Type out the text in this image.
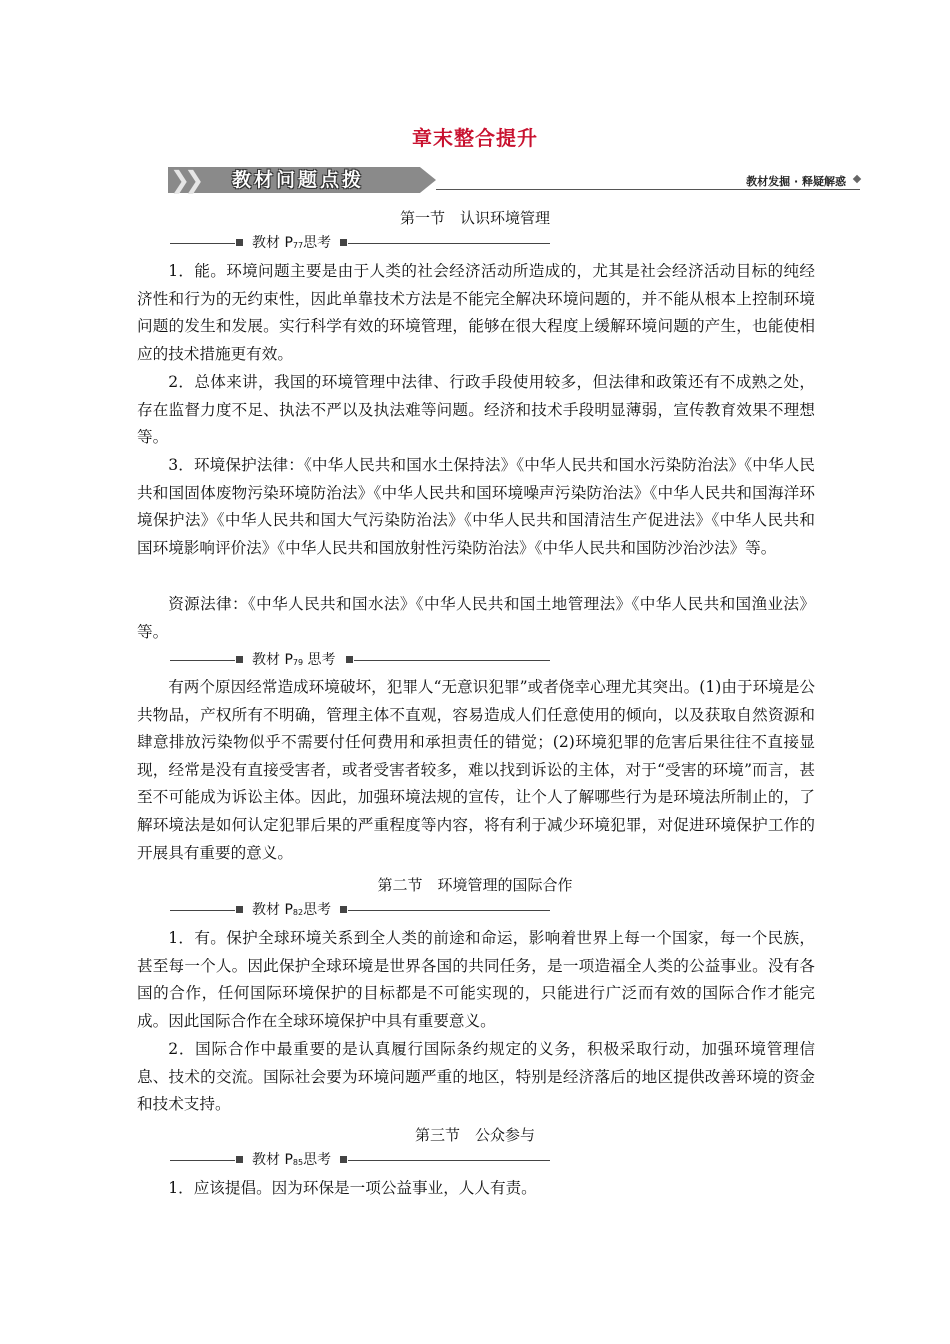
章末整合提升
❯❯ 教材问题点拨	教材发掘 · 释疑解惑
第一节　认识环境管理
教材 $P_{77}$思考

1．能。环境问题主要是由于人类的社会经济活动所造成的，尤其是社会经济活动目标的纯经济性和行为的无约束性，因此单靠技术方法是不能完全解决环境问题的，并不能从根本上控制环境问题的发生和发展。实行科学有效的环境管理，能够在很大程度上缓解环境问题的产生，也能使相应的技术措施更有效。

2．总体来讲，我国的环境管理中法律、行政手段使用较多，但法律和政策还有不成熟之处，存在监督力度不足、执法不严以及执法难等问题。经济和技术手段明显薄弱，宣传教育效果不理想等。

3．环境保护法律：《中华人民共和国水土保持法》《中华人民共和国水污染防治法》《中华人民共和国固体废物污染环境防治法》《中华人民共和国环境噪声污染防治法》《中华人民共和国海洋环境保护法》《中华人民共和国大气污染防治法》《中华人民共和国清洁生产促进法》《中华人民共和国环境影响评价法》《中华人民共和国放射性污染防治法》《中华人民共和国防沙治沙法》等。

资源法律：《中华人民共和国水法》《中华人民共和国土地管理法》《中华人民共和国渔业法》等。

教材 $P_{79}$ 思考

有两个原因经常造成环境破坏，犯罪人“无意识犯罪”或者侥幸心理尤其突出。(1)由于环境是公共物品，产权所有不明确，管理主体不直观，容易造成人们任意使用的倾向，以及获取自然资源和肆意排放污染物似乎不需要付任何费用和承担责任的错觉；(2)环境犯罪的危害后果往往不直接显现，经常是没有直接受害者，或者受害者较多，难以找到诉讼的主体，对于“受害的环境”而言，甚至不可能成为诉讼主体。因此，加强环境法规的宣传，让个人了解哪些行为是环境法所制止的，了解环境法是如何认定犯罪后果的严重程度等内容，将有利于减少环境犯罪，对促进环境保护工作的开展具有重要的意义。

第二节　环境管理的国际合作
教材 $P_{82}$思考

1．有。保护全球环境关系到全人类的前途和命运，影响着世界上每一个国家，每一个民族，甚至每一个人。因此保护全球环境是世界各国的共同任务，是一项造福全人类的公益事业。没有各国的合作，任何国际环境保护的目标都是不可能实现的，只能进行广泛而有效的国际合作才能完成。因此国际合作在全球环境保护中具有重要意义。

2．国际合作中最重要的是认真履行国际条约规定的义务，积极采取行动，加强环境管理信息、技术的交流。国际社会要为环境问题严重的地区，特别是经济落后的地区提供改善环境的资金和技术支持。

第三节　公众参与
教材 $P_{85}$思考

1．应该提倡。因为环保是一项公益事业，人人有责。
